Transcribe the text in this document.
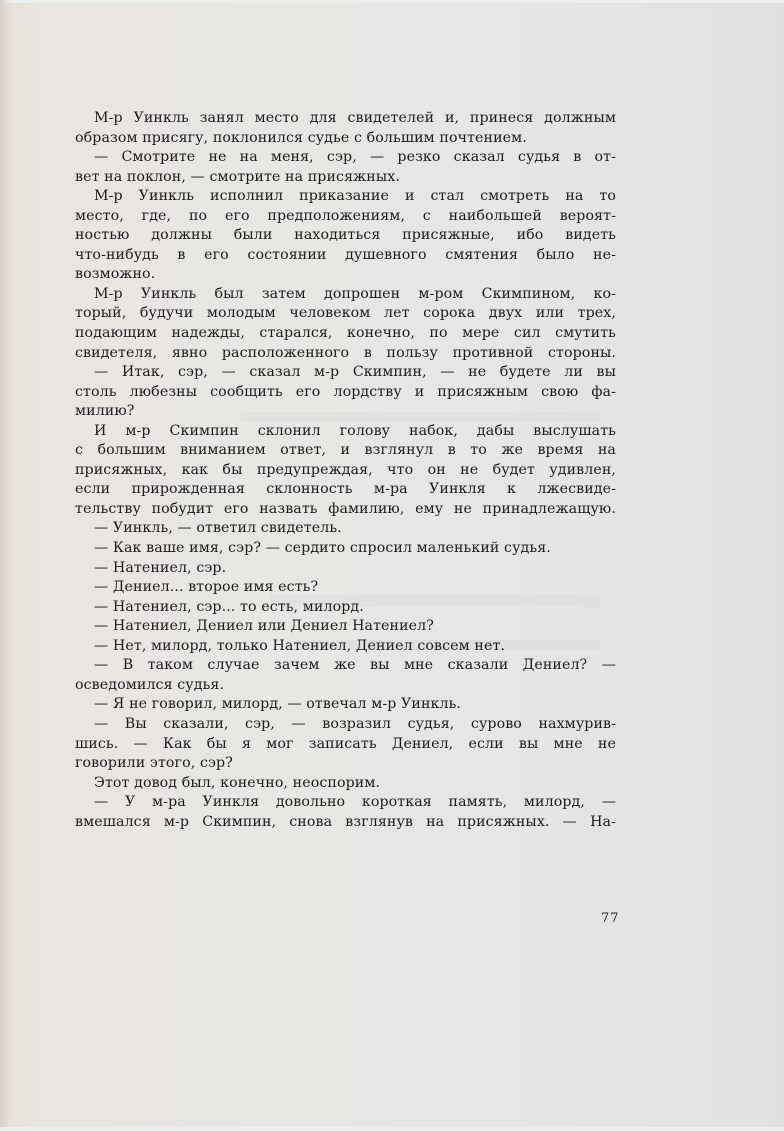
М-р Уинкль занял место для свидетелей и, принеся должным
образом присягу, поклонился судье с большим почтением.
— Смотрите не на меня, сэр, — резко сказал судья в от-
вет на поклон, — смотрите на присяжных.
М-р Уинкль исполнил приказание и стал смотреть на то
место, где, по его предположениям, с наибольшей вероят-
ностью должны были находиться присяжные, ибо видеть
что-нибудь в его состоянии душевного смятения было не-
возможно.
М-р Уинкль был затем допрошен м-ром Скимпином, ко-
торый, будучи молодым человеком лет сорока двух или трех,
подающим надежды, старался, конечно, по мере сил смутить
свидетеля, явно расположенного в пользу противной стороны.
— Итак, сэр, — сказал м-р Скимпин, — не будете ли вы
столь любезны сообщить его лордству и присяжным свою фа-
милию?
И м-р Скимпин склонил голову набок, дабы выслушать
с большим вниманием ответ, и взглянул в то же время на
присяжных, как бы предупреждая, что он не будет удивлен,
если прирожденная склонность м-ра Уинкля к лжесвиде-
тельству побудит его назвать фамилию, ему не принадлежащую.
— Уинкль, — ответил свидетель.
— Как ваше имя, сэр? — сердито спросил маленький судья.
— Натениел, сэр.
— Дениел... второе имя есть?
— Натениел, сэр... то есть, милорд.
— Натениел, Дениел или Дениел Натениел?
— Нет, милорд, только Натениел, Дениел совсем нет.
— В таком случае зачем же вы мне сказали Дениел? —
осведомился судья.
— Я не говорил, милорд, — отвечал м-р Уинкль.
— Вы сказали, сэр, — возразил судья, сурово нахмурив-
шись. — Как бы я мог записать Дениел, если вы мне не
говорили этого, сэр?
Этот довод был, конечно, неоспорим.
— У м-ра Уинкля довольно короткая память, милорд, —
вмешался м-р Скимпин, снова взглянув на присяжных. — На-
77
